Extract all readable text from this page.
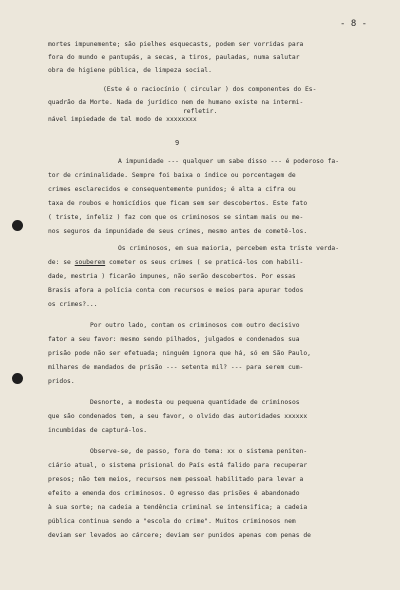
- 8 -
mortes impunemente; são pielhes esquecasts, podem ser vorridas para
fora do mundo e pantupás, a secas, a tiros, pauladas, numa salutar
obra de higiene pública, de limpeza social.
(Este é o raciocínio ( circular ) dos componentes do Es-
quadrão da Morte. Nada de jurídico nem de humano existe na intermi-
refletir.
nável impiedade de tal modo de xxxxxxxx
9
A impunidade --- qualquer um sabe disso --- é poderoso fa-
tor de criminalidade. Sempre foi baixa o índice ou porcentagem de
crimes esclarecidos e consequentemente punidos; é alta a cifra ou
taxa de roubos e homicídios que ficam sem ser descobertos. Este fato
( triste, infeliz ) faz com que os criminosos se sintam mais ou me-
nos seguros da impunidade de seus crimes, mesmo antes de cometê-los.
Os criminosos, em sua maioria, percebem esta triste verda-
de: se souberem cometer os seus crimes ( se praticá-los com habili-
dade, mestria ) ficarão impunes, não serão descobertos. Por essas
Brasis afora a polícia conta com recursos e meios para apurar todos
os crimes?...
Por outro lado, contam os criminosos com outro decisivo
fator a seu favor: mesmo sendo pilhados, julgados e condenados sua
prisão pode não ser efetuada; ninguém ignora que há, só em São Paulo,
milhares de mandados de prisão --- setenta mil? --- para serem cum-
pridos.
Desnorte, a modesta ou pequena quantidade de criminosos
que são condenados tem, a seu favor, o olvido das autoridades xxxxxx
incumbidas de capturá-los.
Observe-se, de passo, fora do tema: xx o sistema peniten-
ciário atual, o sistema prisional do País está falido para recuperar
presos; não tem meios, recursos nem pessoal habilitado para levar a
efeito a emenda dos criminosos. O egresso das prisões é abandonado
à sua sorte; na cadeia a tendência criminal se intensifica; a cadeia
pública continua sendo a "escola do crime". Muitos criminosos nem
deviam ser levados ao cárcere; deviam ser punidos apenas com penas de
